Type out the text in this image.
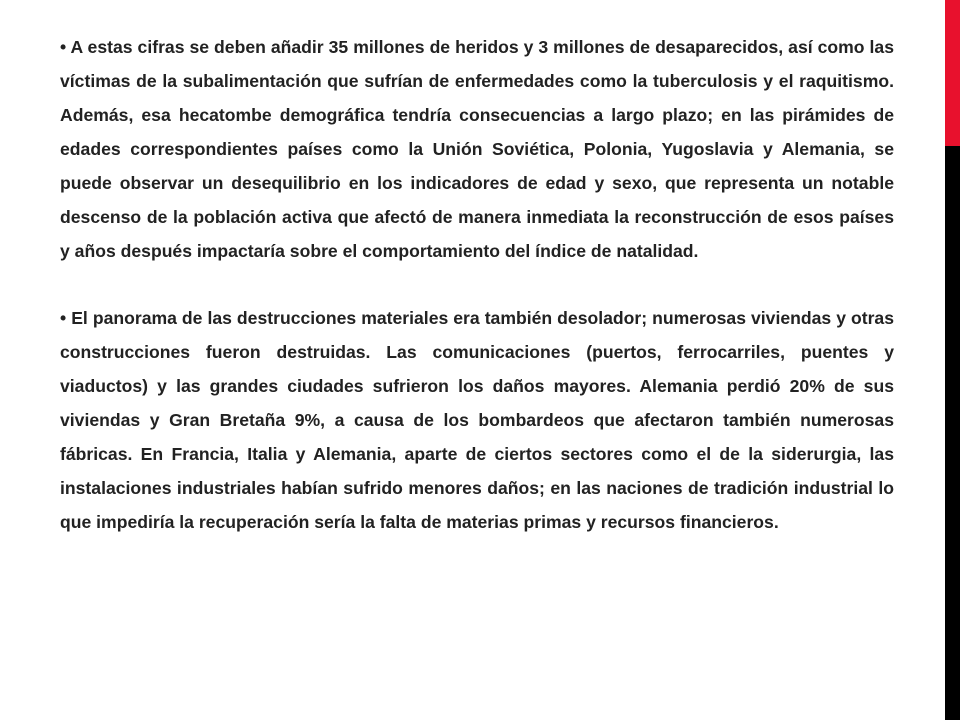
• A estas cifras se deben añadir 35 millones de heridos y 3 millones de desaparecidos, así como las víctimas de la subalimentación que sufrían de enfermedades como la tuberculosis y el raquitismo. Además, esa hecatombe demográfica tendría consecuencias a largo plazo; en las pirámides de edades correspondientes países como la Unión Soviética, Polonia, Yugoslavia y Alemania, se puede observar un desequilibrio en los indicadores de edad y sexo, que representa un notable descenso de la población activa que afectó de manera inmediata la reconstrucción de esos países y años después impactaría sobre el comportamiento del índice de natalidad.

• El panorama de las destrucciones materiales era también desolador; numerosas viviendas y otras construcciones fueron destruidas. Las comunicaciones (puertos, ferrocarriles, puentes y viaductos) y las grandes ciudades sufrieron los daños mayores. Alemania perdió 20% de sus viviendas y Gran Bretaña 9%, a causa de los bombardeos que afectaron también numerosas fábricas. En Francia, Italia y Alemania, aparte de ciertos sectores como el de la siderurgia, las instalaciones industriales habían sufrido menores daños; en las naciones de tradición industrial lo que impediría la recuperación sería la falta de materias primas y recursos financieros.
